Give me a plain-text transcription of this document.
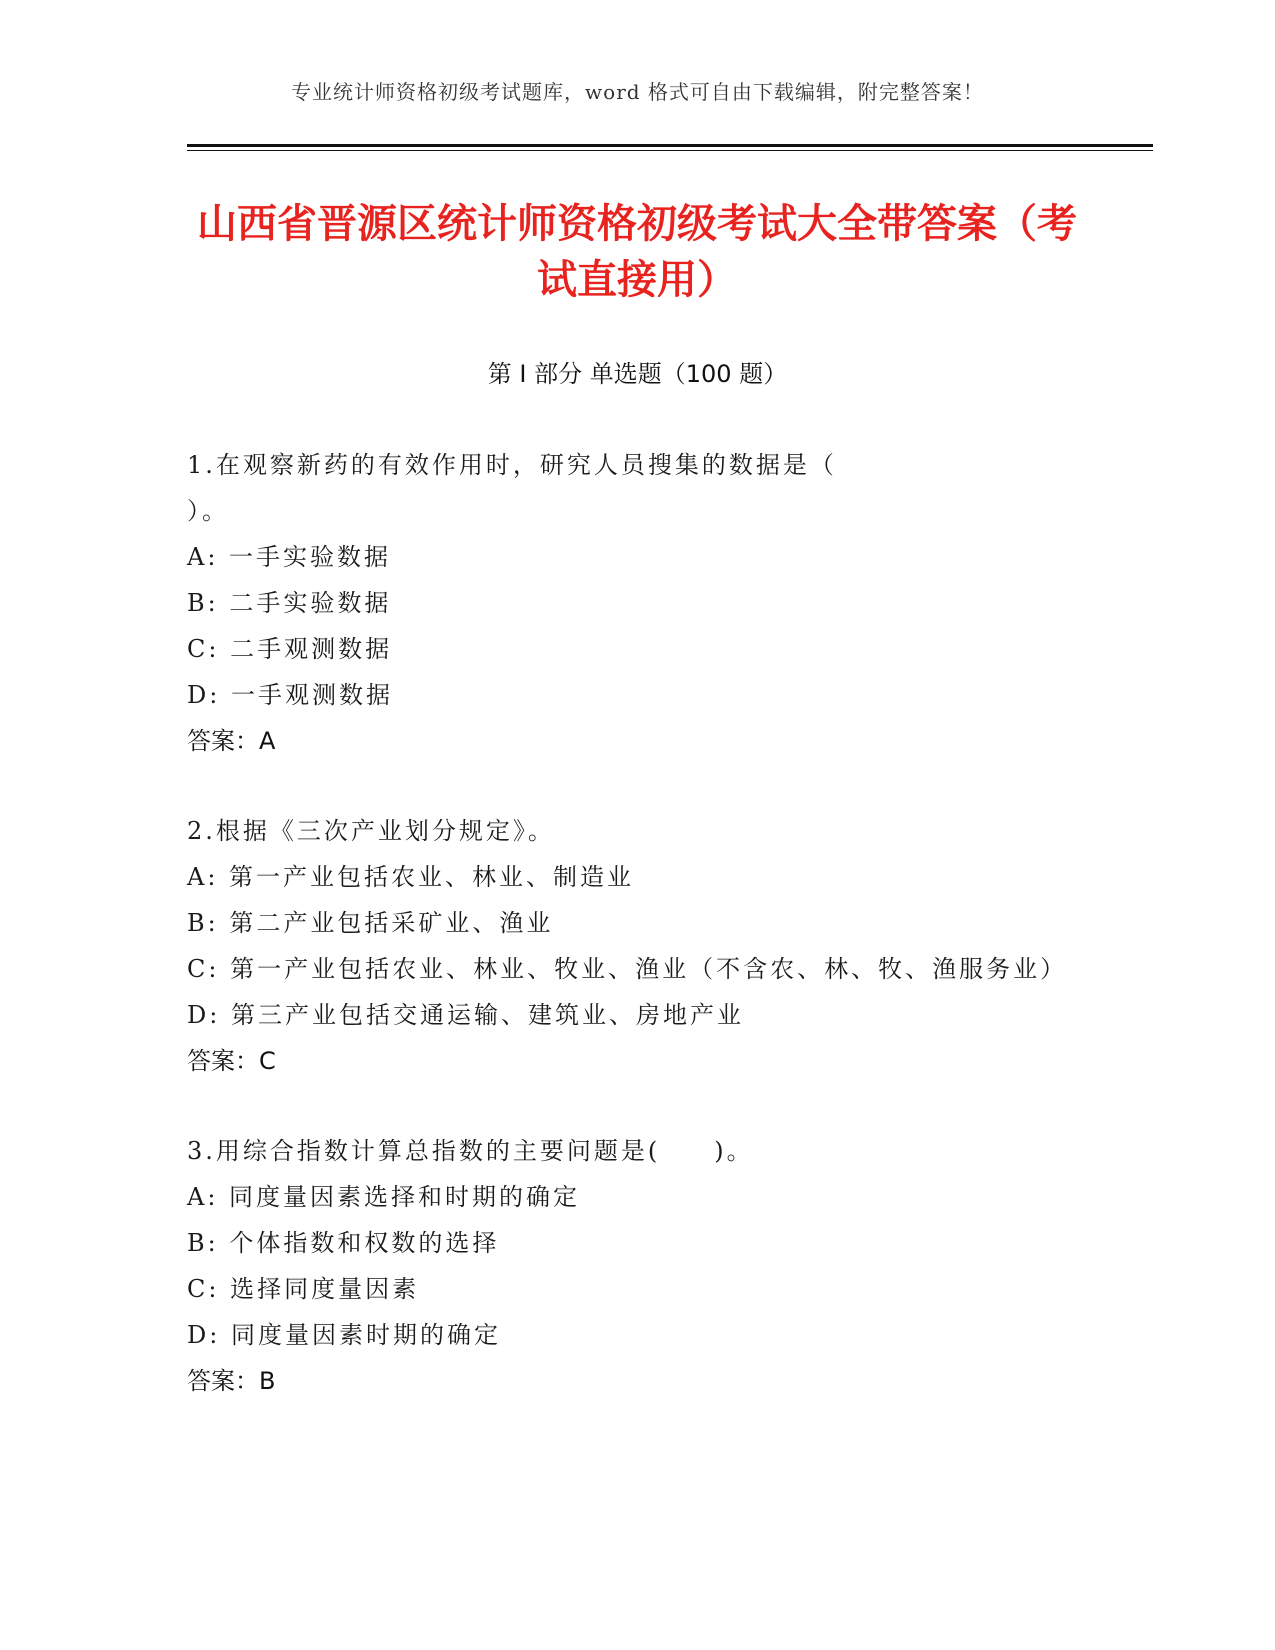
专业统计师资格初级考试题库，word 格式可自由下载编辑，附完整答案！
山西省晋源区统计师资格初级考试大全带答案（考试直接用）
第 I 部分 单选题（100 题）

1.在观察新药的有效作用时，研究人员搜集的数据是（ ）。

A: 一手实验数据

B: 二手实验数据

C: 二手观测数据

D: 一手观测数据

答案：A

2.根据《三次产业划分规定》。

A: 第一产业包括农业、林业、制造业

B: 第二产业包括采矿业、渔业

C: 第一产业包括农业、林业、牧业、渔业（不含农、林、牧、渔服务业）

D: 第三产业包括交通运输、建筑业、房地产业

答案：C

3.用综合指数计算总指数的主要问题是(　　)。

A: 同度量因素选择和时期的确定

B: 个体指数和权数的选择

C: 选择同度量因素

D: 同度量因素时期的确定

答案：B
